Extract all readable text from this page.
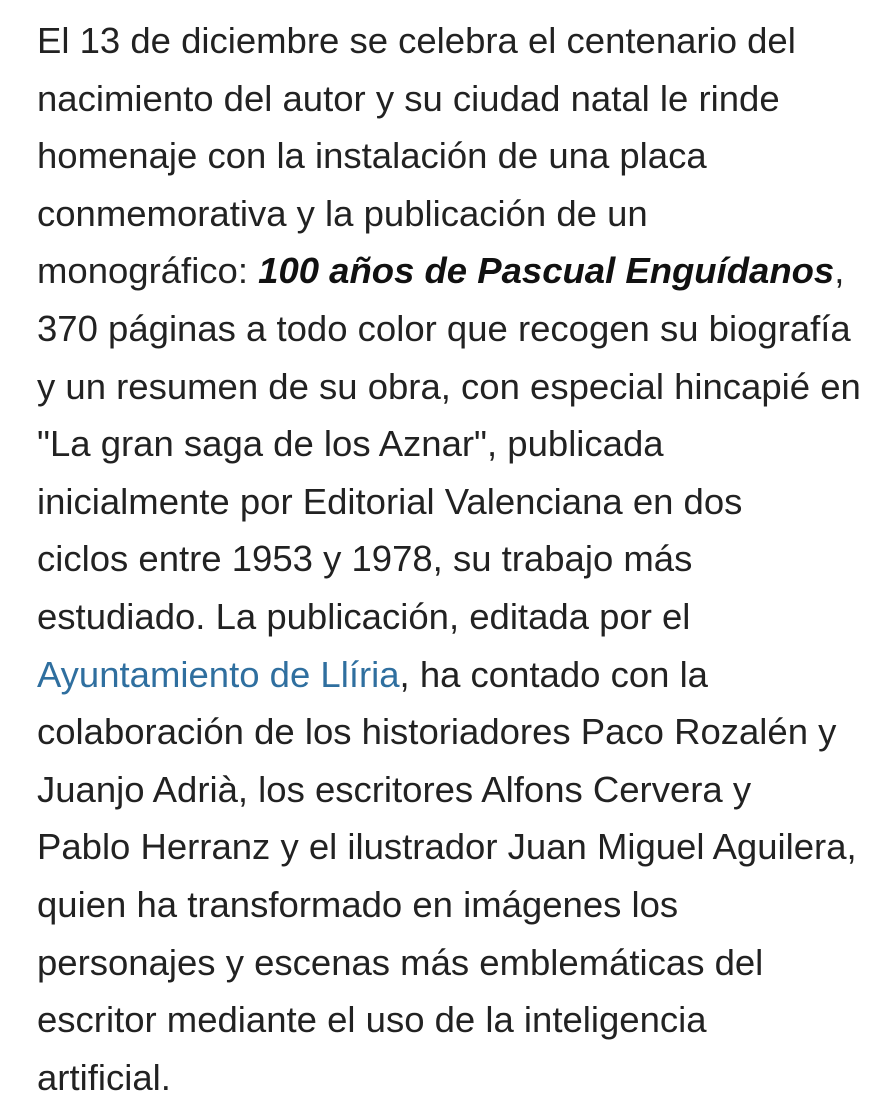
El 13 de diciembre se celebra el centenario del
nacimiento del autor y su ciudad natal le rinde
homenaje con la instalación de una placa
conmemorativa y la publicación de un
monográfico: 100 años de Pascual Enguídanos,
370 páginas a todo color que recogen su biografía
y un resumen de su obra, con especial hincapié en
"La gran saga de los Aznar", publicada
inicialmente por Editorial Valenciana en dos
ciclos entre 1953 y 1978, su trabajo más
estudiado. La publicación, editada por el
Ayuntamiento de Llíria, ha contado con la
colaboración de los historiadores Paco Rozalén y
Juanjo Adrià, los escritores Alfons Cervera y
Pablo Herranz y el ilustrador Juan Miguel Aguilera,
quien ha transformado en imágenes los
personajes y escenas más emblemáticas del
escritor mediante el uso de la inteligencia
artificial.
